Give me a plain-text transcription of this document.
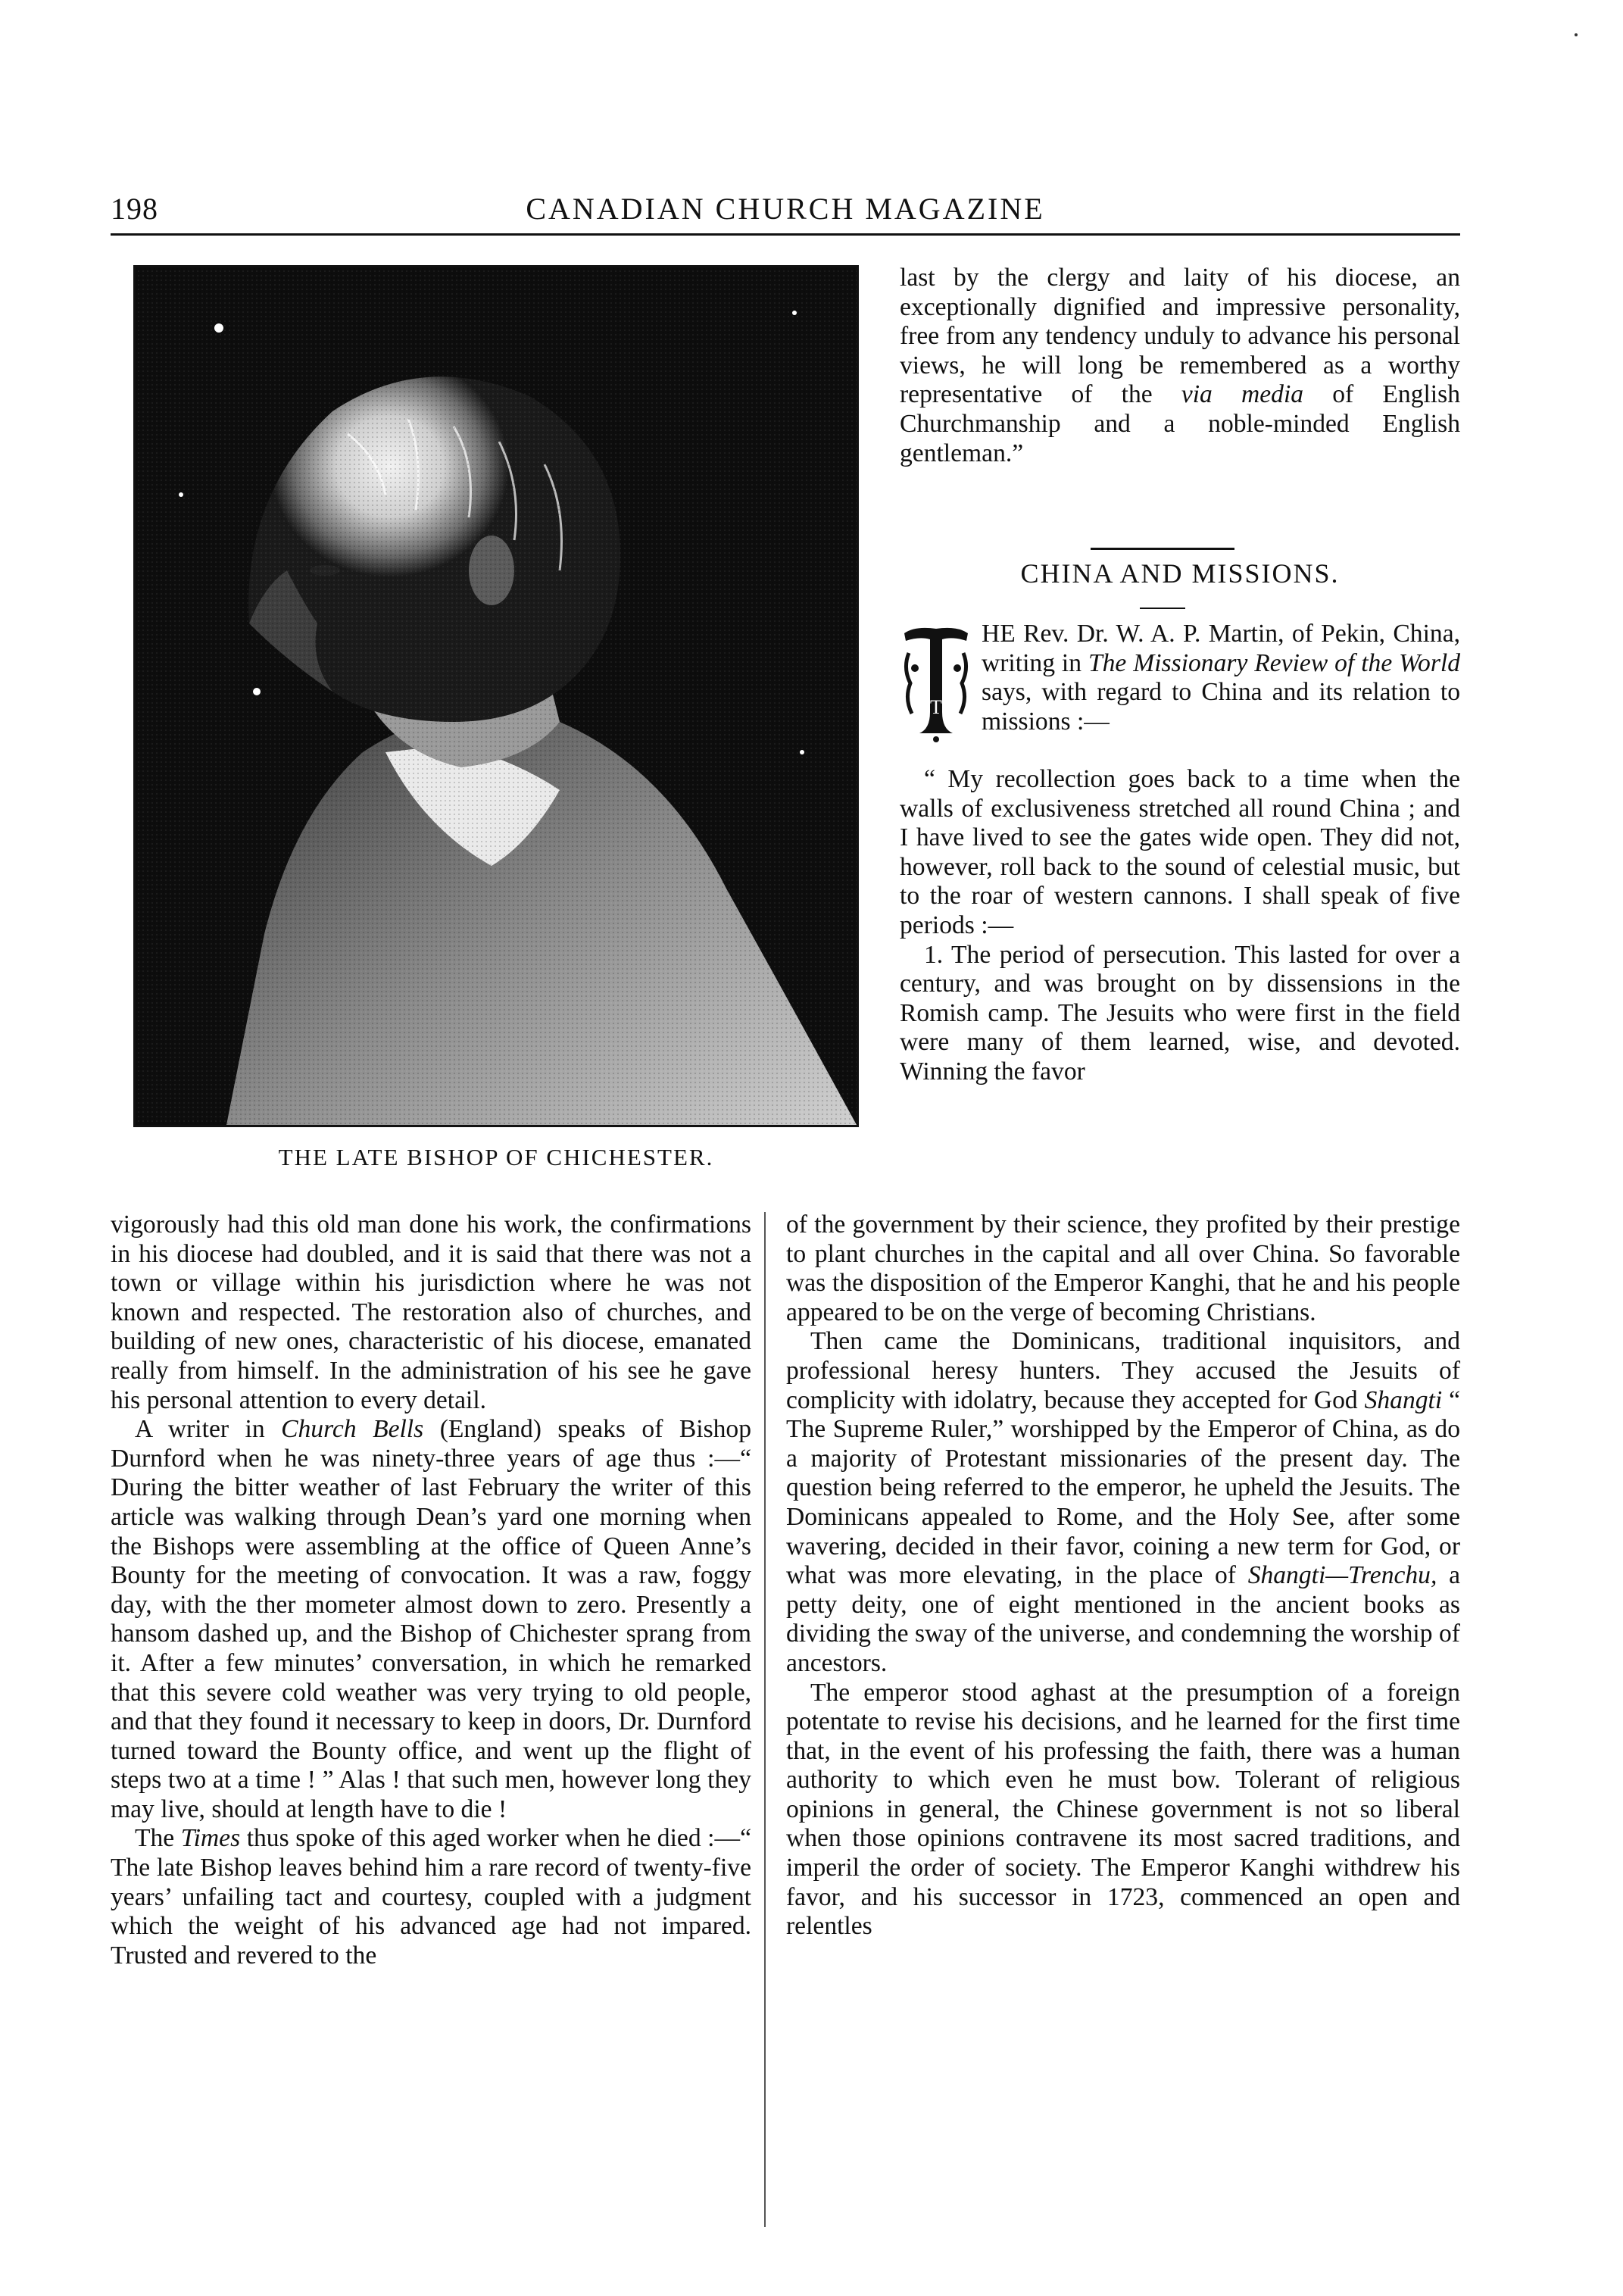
CANADIAN CHURCH MAGAZINE
198
THE LATE BISHOP OF CHICHESTER.

vigorously had this old man done his work, the confirmations in his diocese had doubled, and it is said that there was not a town or village within his jurisdiction where he was not known and respected. The restoration also of churches, and building of new ones, characteristic of his diocese, emanated really from himself. In the administration of his see he gave his personal attention to every detail.

A writer in Church Bells (England) speaks of Bishop Durnford when he was ninety-three years of age thus :—“ During the bitter weather of last February the writer of this article was walking through Dean’s yard one morning when the Bishops were assembling at the office of Queen Anne’s Bounty for the meeting of convocation. It was a raw, foggy day, with the ther mometer almost down to zero. Presently a hansom dashed up, and the Bishop of Chichester sprang from it. After a few minutes’ conversation, in which he remarked that this severe cold weather was very trying to old people, and that they found it necessary to keep in doors, Dr. Durnford turned toward the Bounty office, and went up the flight of steps two at a time ! ” Alas ! that such men, however long they may live, should at length have to die !

The Times thus spoke of this aged worker when he died :—“ The late Bishop leaves behind him a rare record of twenty-five years’ unfailing tact and courtesy, coupled with a judgment which the weight of his advanced age had not impared. Trusted and revered to the

last by the clergy and laity of his diocese, an exceptionally dignified and impressive personality, free from any tendency unduly to advance his personal views, he will long be remembered as a worthy representative of the via media of English Churchmanship and a noble-minded English gentleman.”

CHINA AND MISSIONS.
T

HE Rev. Dr. W. A. P. Martin, of Pekin, China, writing in The Missionary Review of the World says, with regard to China and its relation to missions :—

“ My recollection goes back to a time when the walls of exclusiveness stretched all round China ; and I have lived to see the gates wide open. They did not, however, roll back to the sound of celestial music, but to the roar of western cannons. I shall speak of five periods :—

1. The period of persecution. This lasted for over a century, and was brought on by dissensions in the Romish camp. The Jesuits who were first in the field were many of them learned, wise, and devoted. Winning the favor

of the government by their science, they profited by their prestige to plant churches in the capital and all over China. So favorable was the disposition of the Emperor Kanghi, that he and his people appeared to be on the verge of becoming Christians.

Then came the Dominicans, traditional inquisitors, and professional heresy hunters. They accused the Jesuits of complicity with idolatry, because they accepted for God Shangti “ The Supreme Ruler,” worshipped by the Emperor of China, as do a majority of Protestant missionaries of the present day. The question being referred to the emperor, he upheld the Jesuits. The Dominicans appealed to Rome, and the Holy See, after some wavering, decided in their favor, coining a new term for God, or what was more elevating, in the place of Shangti—Trenchu, a petty deity, one of eight mentioned in the ancient books as dividing the sway of the universe, and condemning the worship of ancestors.

The emperor stood aghast at the presumption of a foreign potentate to revise his decisions, and he learned for the first time that, in the event of his professing the faith, there was a human authority to which even he must bow. Tolerant of religious opinions in general, the Chinese government is not so liberal when those opinions contravene its most sacred traditions, and imperil the order of society. The Emperor Kanghi withdrew his favor, and his successor in 1723, commenced an open and relentles
